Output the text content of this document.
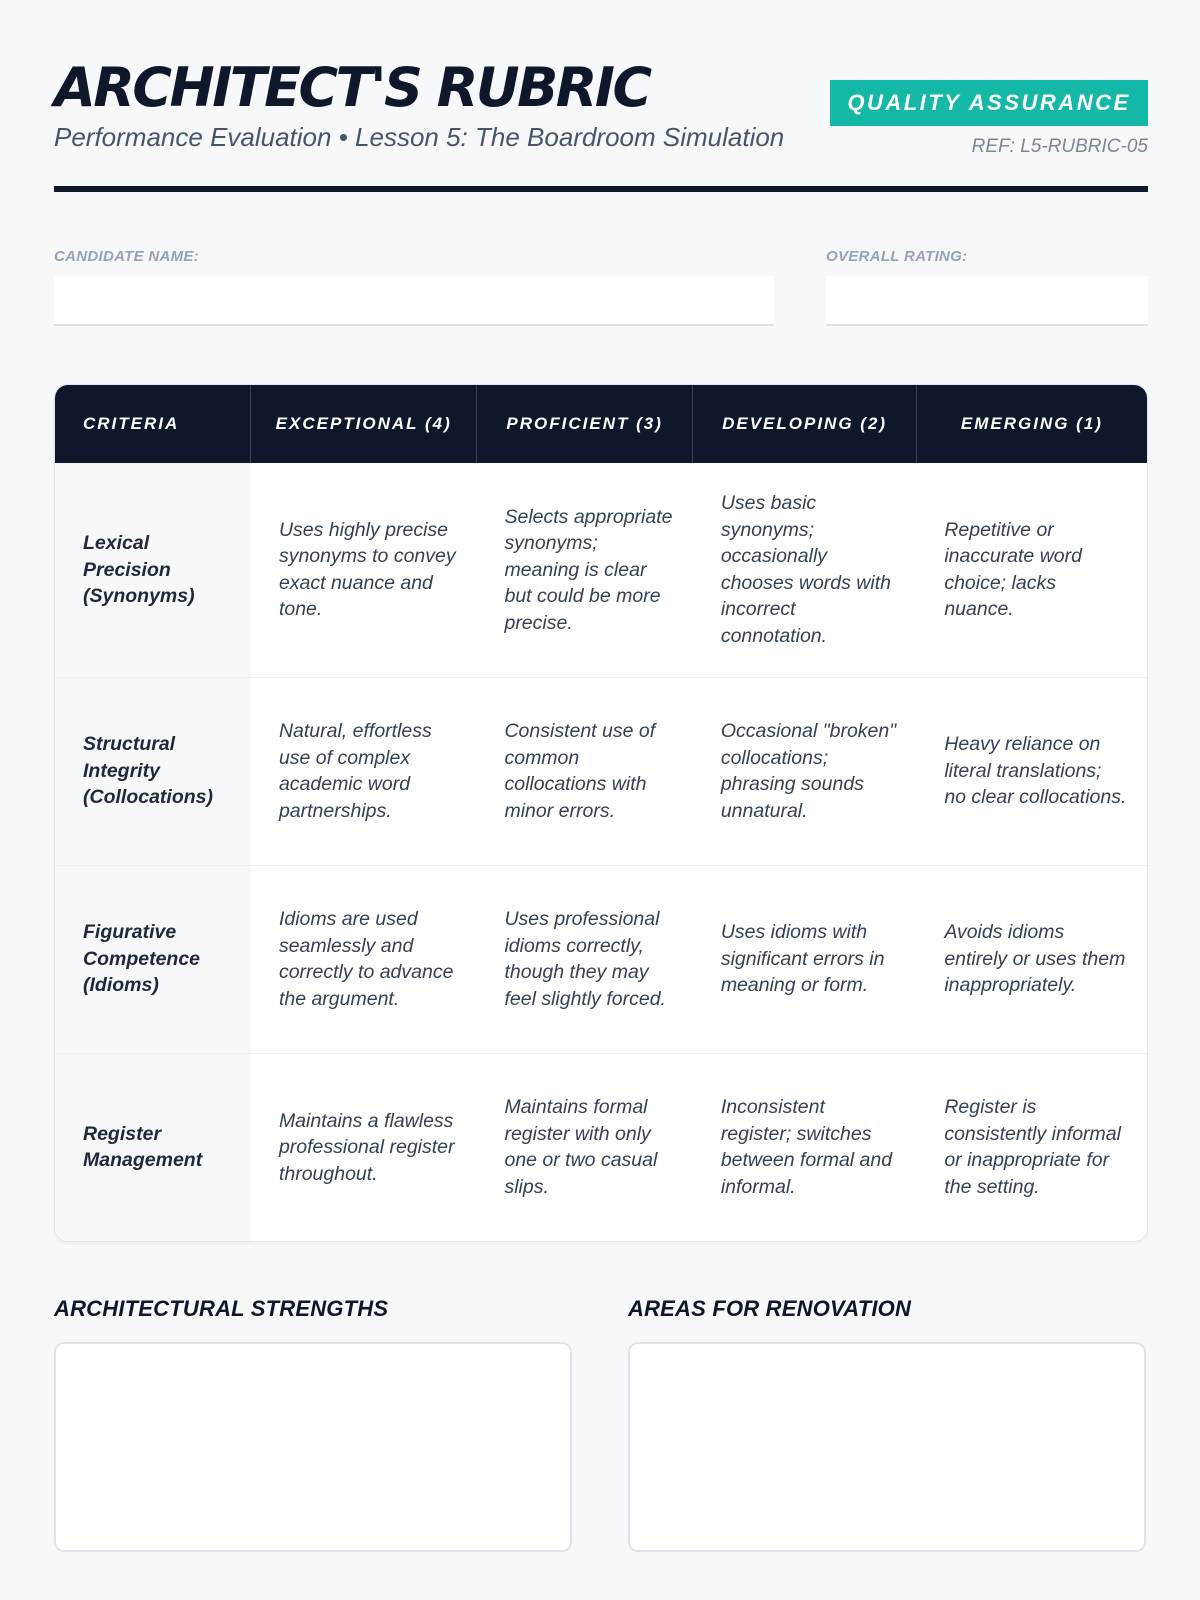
ARCHITECT'S RUBRIC
Performance Evaluation • Lesson 5: The Boardroom Simulation
QUALITY ASSURANCE
REF: L5-RUBRIC-05
CANDIDATE NAME:	OVERALL RATING:
CRITERIA	EXCEPTIONAL (4)	PROFICIENT (3)	DEVELOPING (2)	EMERGING (1)
Lexical Precision (Synonyms)	Uses highly precise synonyms to convey exact nuance and tone.	Selects appropriate synonyms; meaning is clear but could be more precise.	Uses basic synonyms; occasionally chooses words with incorrect connotation.	Repetitive or inaccurate word choice; lacks nuance.
Structural Integrity (Collocations)	Natural, effortless use of complex academic word partnerships.	Consistent use of common collocations with minor errors.	Occasional "broken" collocations; phrasing sounds unnatural.	Heavy reliance on literal translations; no clear collocations.
Figurative Competence (Idioms)	Idioms are used seamlessly and correctly to advance the argument.	Uses professional idioms correctly, though they may feel slightly forced.	Uses idioms with significant errors in meaning or form.	Avoids idioms entirely or uses them inappropriately.
Register Management	Maintains a flawless professional register throughout.	Maintains formal register with only one or two casual slips.	Inconsistent register; switches between formal and informal.	Register is consistently informal or inappropriate for the setting.
ARCHITECTURAL STRENGTHS	AREAS FOR RENOVATION
